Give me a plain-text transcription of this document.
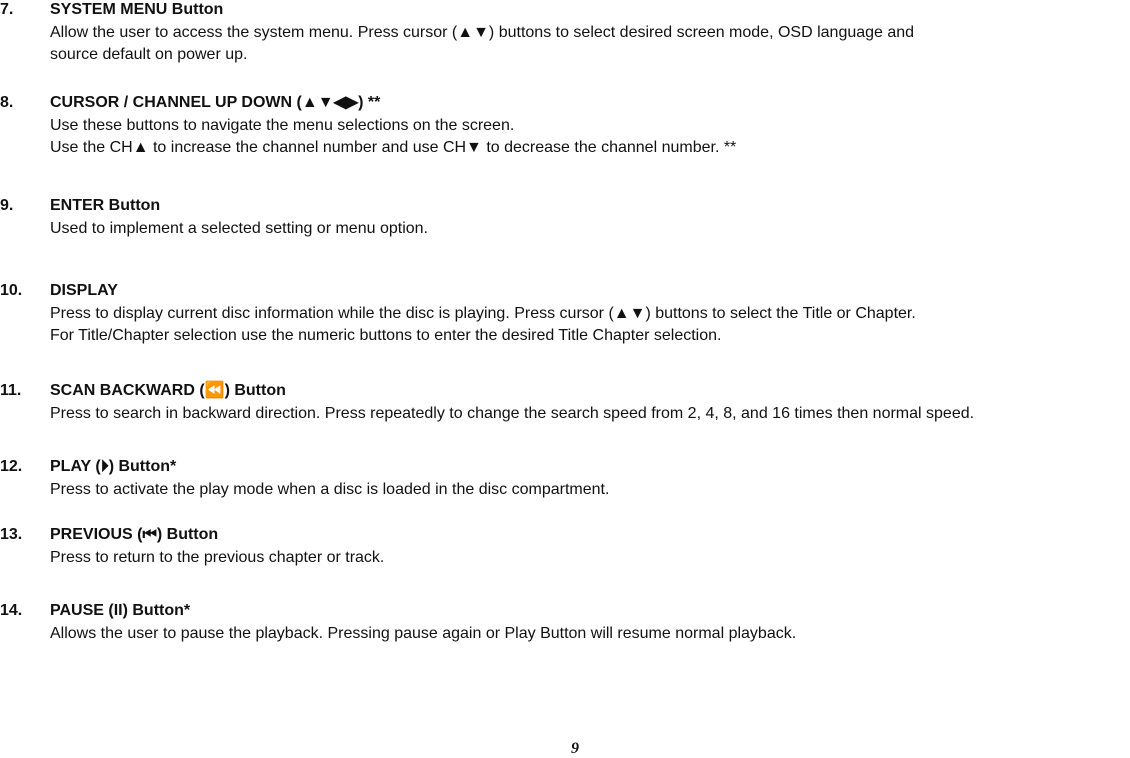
7. SYSTEM MENU Button
Allow the user to access the system menu. Press cursor (▲▼) buttons to select desired screen mode, OSD language and
source default on power up.
8. CURSOR / CHANNEL UP DOWN (▲▼◀▶) **
Use these buttons to navigate the menu selections on the screen.
Use the CH▲ to increase the channel number and use CH▼ to decrease the channel number. **
9. ENTER Button
Used to implement a selected setting or menu option.
10. DISPLAY
Press to display current disc information while the disc is playing. Press cursor (▲▼) buttons to select the Title or Chapter.
For Title/Chapter selection use the numeric buttons to enter the desired Title Chapter selection.
11. SCAN BACKWARD (⏪) Button
Press to search in backward direction. Press repeatedly to change the search speed from 2, 4, 8, and 16 times then normal speed.
12. PLAY (⏵) Button*
Press to activate the play mode when a disc is loaded in the disc compartment.
13. PREVIOUS (⏮) Button
Press to return to the previous chapter or track.
14. PAUSE (II) Button*
Allows the user to pause the playback. Pressing pause again or Play Button will resume normal playback.
9
